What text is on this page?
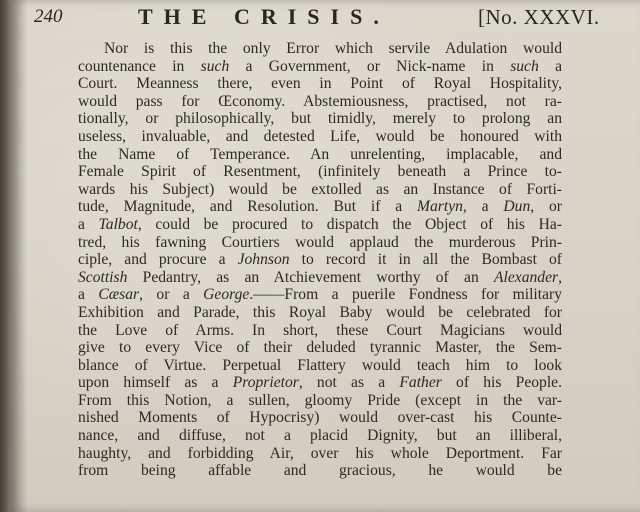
240	THE CRISIS.	[No. XXXVI.
Nor is this the only Error which servile Adulation would
countenance in such a Government, or Nick-name in such a
Court. Meanness there, even in Point of Royal Hospitality,
would pass for Œconomy. Abstemiousness, practised, not ra-
tionally, or philosophically, but timidly, merely to prolong an
useless, invaluable, and detested Life, would be honoured with
the Name of Temperance. An unrelenting, implacable, and
Female Spirit of Resentment, (infinitely beneath a Prince to-
wards his Subject) would be extolled as an Instance of Forti-
tude, Magnitude, and Resolution. But if a Martyn, a Dun, or
a Talbot, could be procured to dispatch the Object of his Ha-
tred, his fawning Courtiers would applaud the murderous Prin-
ciple, and procure a Johnson to record it in all the Bombast of
Scottish Pedantry, as an Atchievement worthy of an Alexander,
a Cæsar, or a George.——From a puerile Fondness for military
Exhibition and Parade, this Royal Baby would be celebrated for
the Love of Arms. In short, these Court Magicians would
give to every Vice of their deluded tyrannic Master, the Sem-
blance of Virtue. Perpetual Flattery would teach him to look
upon himself as a Proprietor, not as a Father of his People.
From this Notion, a sullen, gloomy Pride (except in the var-
nished Moments of Hypocrisy) would over-cast his Counte-
nance, and diffuse, not a placid Dignity, but an illiberal,
haughty, and forbidding Air, over his whole Deportment. Far
from being affable and gracious, he would be
